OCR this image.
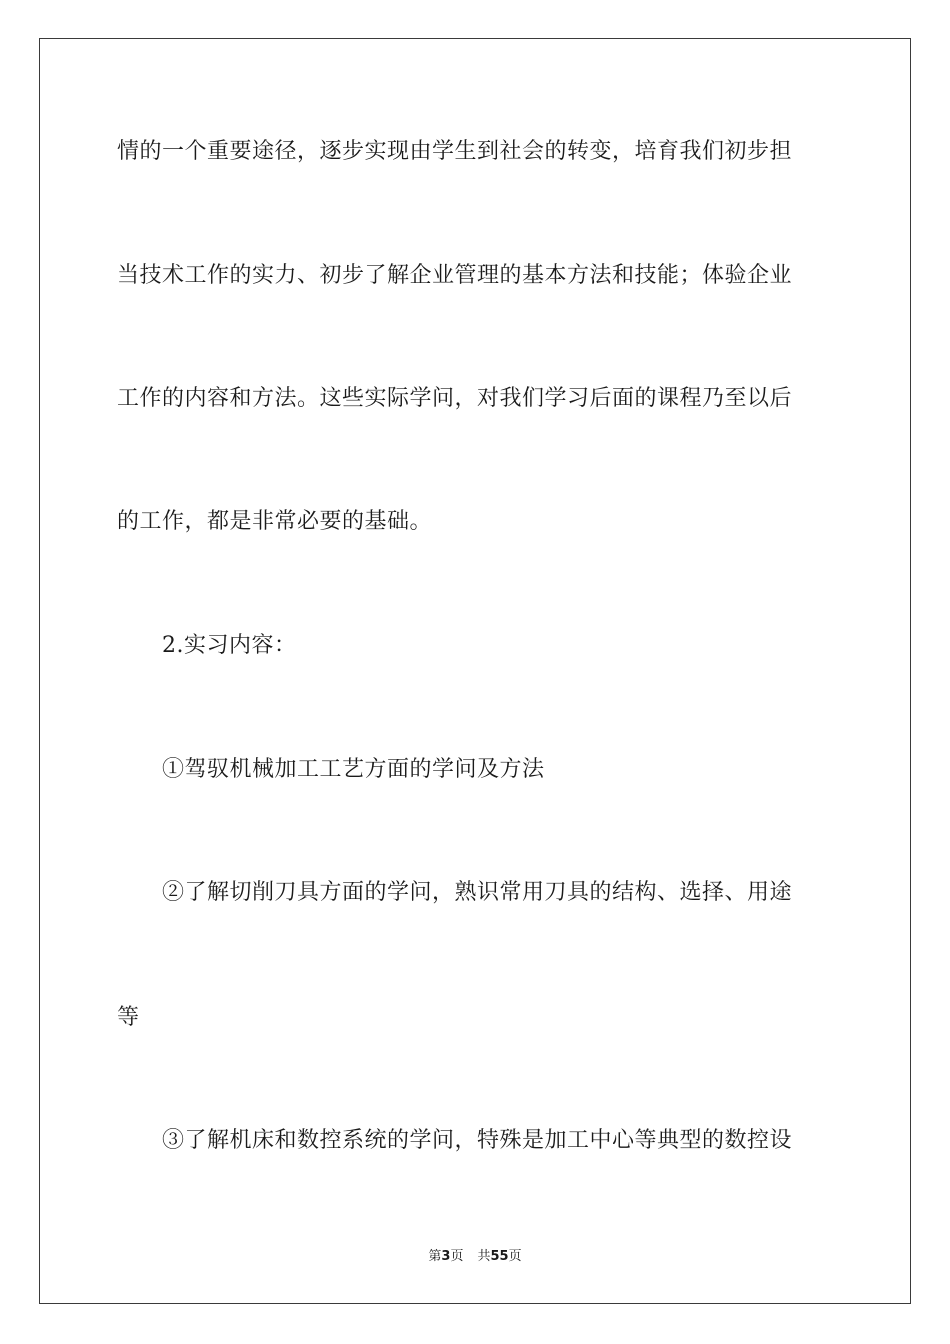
情的一个重要途径，逐步实现由学生到社会的转变，培育我们初步担
当技术工作的实力、初步了解企业管理的基本方法和技能；体验企业
工作的内容和方法。这些实际学问，对我们学习后面的课程乃至以后
的工作，都是非常必要的基础。
2.实习内容：
①驾驭机械加工工艺方面的学问及方法
②了解切削刀具方面的学问，熟识常用刀具的结构、选择、用途
等
③了解机床和数控系统的学问，特殊是加工中心等典型的数控设
第3页 共55页
